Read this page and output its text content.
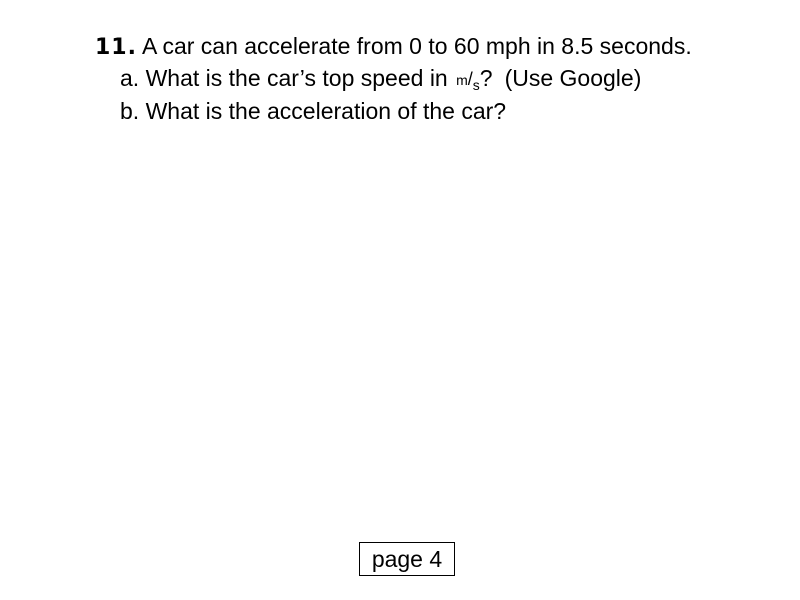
11. A car can accelerate from 0 to 60 mph in 8.5 seconds.
a. What is the car’s top speed in m/s? (Use Google)
b. What is the acceleration of the car?
page 4
